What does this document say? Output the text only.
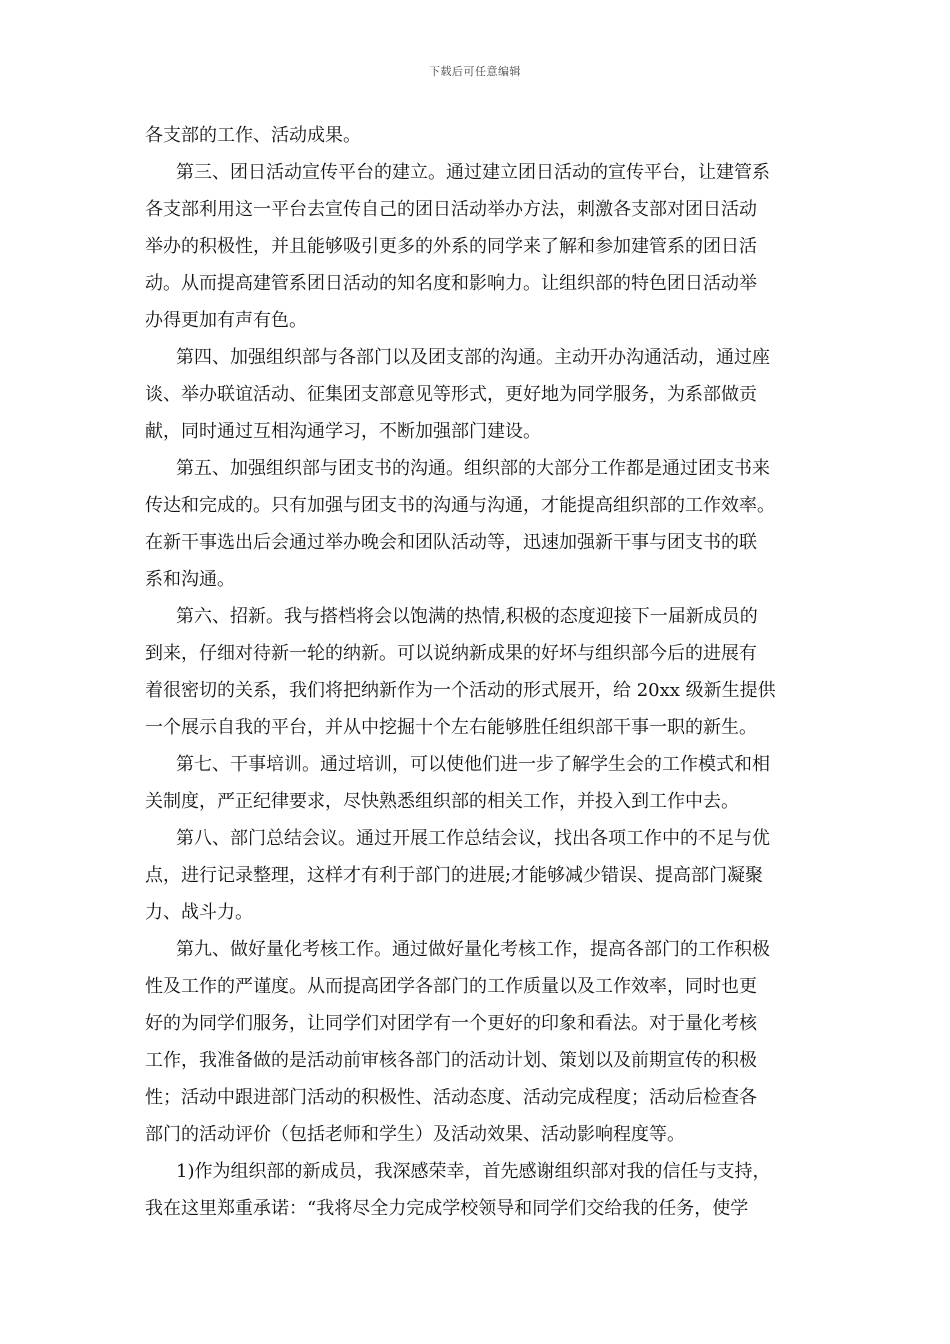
下载后可任意编辑
各支部的工作、活动成果。
第三、团日活动宣传平台的建立。通过建立团日活动的宣传平台，让建管系
各支部利用这一平台去宣传自己的团日活动举办方法，刺激各支部对团日活动
举办的积极性，并且能够吸引更多的外系的同学来了解和参加建管系的团日活
动。从而提高建管系团日活动的知名度和影响力。让组织部的特色团日活动举
办得更加有声有色。
第四、加强组织部与各部门以及团支部的沟通。主动开办沟通活动，通过座
谈、举办联谊活动、征集团支部意见等形式，更好地为同学服务，为系部做贡
献，同时通过互相沟通学习，不断加强部门建设。
第五、加强组织部与团支书的沟通。组织部的大部分工作都是通过团支书来
传达和完成的。只有加强与团支书的沟通与沟通，才能提高组织部的工作效率。
在新干事选出后会通过举办晚会和团队活动等，迅速加强新干事与团支书的联
系和沟通。
第六、招新。我与搭档将会以饱满的热情,积极的态度迎接下一届新成员的
到来，仔细对待新一轮的纳新。可以说纳新成果的好坏与组织部今后的进展有
着很密切的关系，我们将把纳新作为一个活动的形式展开，给 20xx 级新生提供
一个展示自我的平台，并从中挖掘十个左右能够胜任组织部干事一职的新生。
第七、干事培训。通过培训，可以使他们进一步了解学生会的工作模式和相
关制度，严正纪律要求，尽快熟悉组织部的相关工作，并投入到工作中去。
第八、部门总结会议。通过开展工作总结会议，找出各项工作中的不足与优
点，进行记录整理，这样才有利于部门的进展;才能够减少错误、提高部门凝聚
力、战斗力。
第九、做好量化考核工作。通过做好量化考核工作，提高各部门的工作积极
性及工作的严谨度。从而提高团学各部门的工作质量以及工作效率，同时也更
好的为同学们服务，让同学们对团学有一个更好的印象和看法。对于量化考核
工作，我准备做的是活动前审核各部门的活动计划、策划以及前期宣传的积极
性；活动中跟进部门活动的积极性、活动态度、活动完成程度；活动后检查各
部门的活动评价（包括老师和学生）及活动效果、活动影响程度等。
1)作为组织部的新成员，我深感荣幸，首先感谢组织部对我的信任与支持，
我在这里郑重承诺：“我将尽全力完成学校领导和同学们交给我的任务，使学
